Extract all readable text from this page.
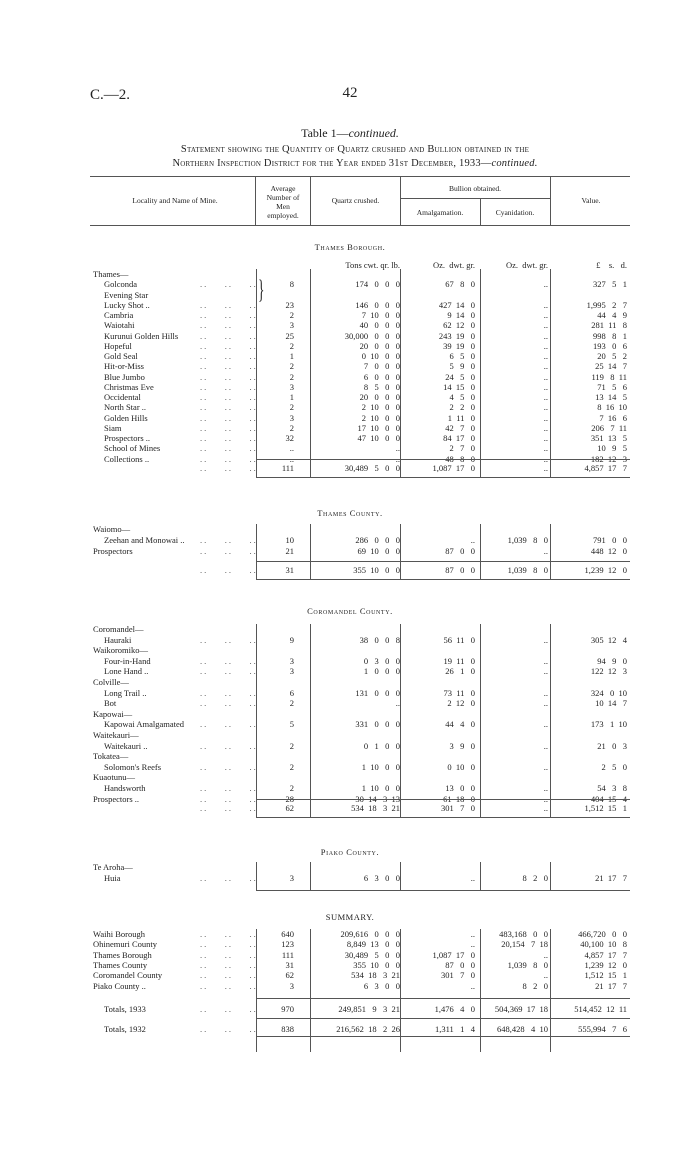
C.—2.	42
Table 1—continued.
Statement showing the Quantity of Quartz crushed and Bullion obtained in the
Northern Inspection District for the Year ended 31st December, 1933—continued.
Locality and Name of Mine.
Average
Number of
Men
employed.
Quartz crushed.
Bullion obtained.
Amalgamation.	Cyanidation.
Value.
Thames Borough.
Tons cwt. qr. lb.	Oz.  dwt. gr.	Oz.  dwt. gr.	£    s.   d.
Thames—
Golconda	..    ..    ..	8	174   0   0   0	67   8   0	..	327   5   1
Evening Star
Lucky Shot ..	..    ..    ..	23	146   0   0   0	427  14   0	..	1,995   2   7
Cambria	..    ..    ..	2	7  10   0   0	9  14   0	..	44   4   9
Waiotahi	..    ..    ..	3	40   0   0   0	62  12   0	..	281  11   8
Kurunui Golden Hills	..    ..    ..	25	30,000   0   0   0	243  19   0	..	998   8   1
Hopeful	..    ..    ..	2	20   0   0   0	39  19   0	..	193   0   6
Gold Seal	..    ..    ..	1	0  10   0   0	6   5   0	..	20   5   2
Hit-or-Miss	..    ..    ..	2	7   0   0   0	5   9   0	..	25  14   7
Blue Jumbo	..    ..    ..	2	6   0   0   0	24   5   0	..	119   8  11
Christmas Eve	..    ..    ..	3	8   5   0   0	14  15   0	..	71   5   6
Occidental	..    ..    ..	1	20   0   0   0	4   5   0	..	13  14   5
North Star ..	..    ..    ..	2	2  10   0   0	2   2   0	..	8  16  10
Golden Hills	..    ..    ..	3	2  10   0   0	1  11   0	..	7  16   6
Siam	..    ..    ..	2	17  10   0   0	42   7   0	..	206   7  11
Prospectors ..	..    ..    ..	32	47  10   0   0	84  17   0	..	351  13   5
School of Mines	..    ..    ..	..	..	2   7   0	..	10   9   5
Collections ..	..    ..    ..	..	..	48   8   0	..	182  12   3
..    ..    ..	111	30,489   5   0   0	1,087  17   0	..	4,857  17   7
Thames County.
Waiomo—
Zeehan and Monowai .. ..    ..    ..	10	286   0   0   0	..	1,039   8   0	791   0   0
Prospectors	..    ..    ..	21	69  10   0   0	87   0   0	..	448  12   0
..    ..    ..	31	355  10   0   0	87   0   0	1,039   8   0	1,239  12   0
Coromandel County.
Coromandel—
Hauraki	..    ..    ..	9	38   0   0   8	56  11   0	..	305  12   4
Waikoromiko—
Four-in-Hand	..    ..    ..	3	0   3   0   0	19  11   0	..	94   9   0
Lone Hand ..	..    ..    ..	3	1   0   0   0	26   1   0	..	122  12   3
Colville—
Long Trail ..	..    ..    ..	6	131   0   0   0	73  11   0	..	324   0  10
Bot	..    ..    ..	2	..	2  12   0	..	10  14   7
Kapowai—
Kapowai Amalgamated ..    ..    ..	5	331   0   0   0	44   4   0	..	173   1  10
Waitekauri—
Waitekauri ..	..    ..    ..	2	0   1   0   0	3   9   0	..	21   0   3
Tokatea—
Solomon's Reefs	..    ..    ..	2	1  10   0   0	0  10   0	..	2   5   0
Kuaotunu—
Handsworth	..    ..    ..	2	1  10   0   0	13   0   0	..	54   3   8
Prospectors ..	..    ..    ..	28	30  14   3  13	61  18   0	..	404  15   4
..    ..    ..	62	534  18   3  21	301   7   0	..	1,512  15   1
Piako County.
Te Aroha—
Huia	..    ..    ..	3	6   3   0   0	..	8   2   0	21  17   7
}
SUMMARY.
Waihi Borough	..    ..    ..	640	209,616   0   0   0	..	483,168   0   0	466,720   0   0
Ohinemuri County	..    ..    ..	123	8,849  13   0   0	..	20,154   7  18	40,100  10   8
Thames Borough	..    ..    ..	111	30,489   5   0   0	1,087  17   0	..	4,857  17   7
Thames County	..    ..    ..	31	355  10   0   0	87   0   0	1,039   8   0	1,239  12   0
Coromandel County	..    ..    ..	62	534  18   3  21	301   7   0	..	1,512  15   1
Piako County ..	..    ..    ..	3	6   3   0   0	..	8   2   0	21  17   7
Totals, 1933	..    ..    ..	970	249,851   9   3  21	1,476   4   0	504,369  17  18	514,452  12  11
Totals, 1932	..    ..    ..	838	216,562  18   2  26	1,311   1   4	648,428   4  10	555,994   7   6
